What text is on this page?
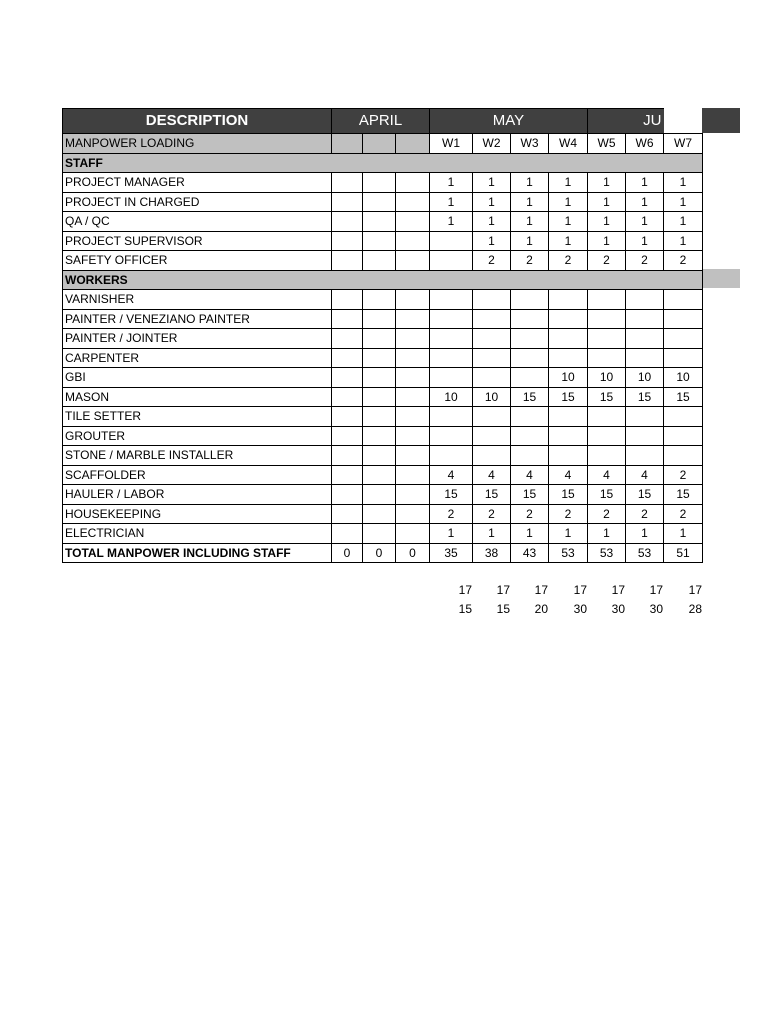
DESCRIPTION	APRIL			MAY				JU		
MANPOWER LOADING				W1	W2	W3	W4	W5	W6	W7
STAFF										
PROJECT MANAGER				1	1	1	1	1	1	1
PROJECT IN CHARGED				1	1	1	1	1	1	1
QA / QC				1	1	1	1	1	1	1
PROJECT SUPERVISOR					1	1	1	1	1	1
SAFETY OFFICER					2	2	2	2	2	2
WORKERS										
VARNISHER										
PAINTER / VENEZIANO PAINTER										
PAINTER / JOINTER										
CARPENTER										
GBI							10	10	10	10
MASON				10	10	15	15	15	15	15
TILE SETTER										
GROUTER										
STONE / MARBLE INSTALLER										
SCAFFOLDER				4	4	4	4	4	4	2
HAULER / LABOR				15	15	15	15	15	15	15
HOUSEKEEPING				2	2	2	2	2	2	2
ELECTRICIAN				1	1	1	1	1	1	1
TOTAL MANPOWER INCLUDING STAFF	0	0	0	35	38	43	53	53	53	51
17	17	17	17	17	17	17
15	15	20	30	30	30	28
